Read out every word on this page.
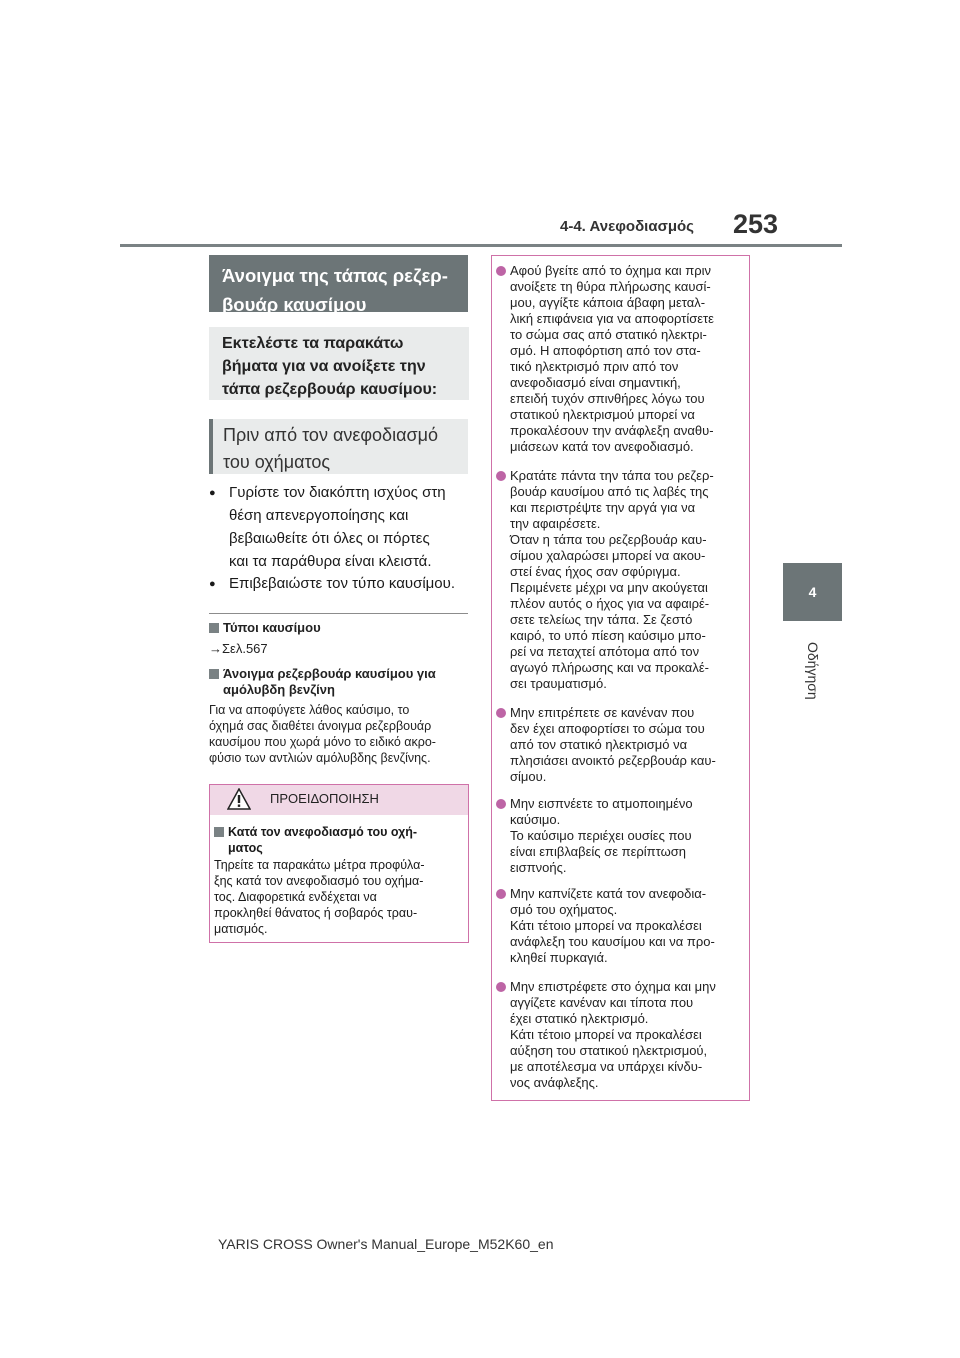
4-4. Ανεφοδιασμός 253
4
Οδήγηση
Άνοιγμα της τάπας ρεζερ-
βουάρ καυσίμου
Εκτελέστε τα παρακάτω
βήματα για να ανοίξετε την
τάπα ρεζερβουάρ καυσίμου:
Πριν από τον ανεφοδιασμό
του οχήματος
● Γυρίστε τον διακόπτη ισχύος στη
θέση απενεργοποίησης και
βεβαιωθείτε ότι όλες οι πόρτες
και τα παράθυρα είναι κλειστά.
● Επιβεβαιώστε τον τύπο καυσίμου.
Τύποι καυσίμου
→Σελ.567
Άνοιγμα ρεζερβουάρ καυσίμου για
αμόλυβδη βενζίνη
Για να αποφύγετε λάθος καύσιμο, το
όχημά σας διαθέτει άνοιγμα ρεζερβουάρ
καυσίμου που χωρά μόνο το ειδικό ακρο-
φύσιο των αντλιών αμόλυβδης βενζίνης.
ΠΡΟΕΙΔΟΠΟΙΗΣΗ
Κατά τον ανεφοδιασμό του οχή-
ματος
Τηρείτε τα παρακάτω μέτρα προφύλα-
ξης κατά τον ανεφοδιασμό του οχήμα-
τος. Διαφορετικά ενδέχεται να
προκληθεί θάνατος ή σοβαρός τραυ-
ματισμός.
Αφού βγείτε από το όχημα και πριν
ανοίξετε τη θύρα πλήρωσης καυσί-
μου, αγγίξτε κάποια άβαφη μεταλ-
λική επιφάνεια για να αποφορτίσετε
το σώμα σας από στατικό ηλεκτρι-
σμό. Η αποφόρτιση από τον στα-
τικό ηλεκτρισμό πριν από τον
ανεφοδιασμό είναι σημαντική,
επειδή τυχόν σπινθήρες λόγω του
στατικού ηλεκτρισμού μπορεί να
προκαλέσουν την ανάφλεξη αναθυ-
μιάσεων κατά τον ανεφοδιασμό.
Κρατάτε πάντα την τάπα του ρεζερ-
βουάρ καυσίμου από τις λαβές της
και περιστρέψτε την αργά για να
την αφαιρέσετε.
Όταν η τάπα του ρεζερβουάρ καυ-
σίμου χαλαρώσει μπορεί να ακου-
στεί ένας ήχος σαν σφύριγμα.
Περιμένετε μέχρι να μην ακούγεται
πλέον αυτός ο ήχος για να αφαιρέ-
σετε τελείως την τάπα. Σε ζεστό
καιρό, το υπό πίεση καύσιμο μπο-
ρεί να πεταχτεί απότομα από τον
αγωγό πλήρωσης και να προκαλέ-
σει τραυματισμό.
Μην επιτρέπετε σε κανέναν που
δεν έχει αποφορτίσει το σώμα του
από τον στατικό ηλεκτρισμό να
πλησιάσει ανοικτό ρεζερβουάρ καυ-
σίμου.
Μην εισπνέετε το ατμοποιημένο
καύσιμο.
Το καύσιμο περιέχει ουσίες που
είναι επιβλαβείς σε περίπτωση
εισπνοής.
Μην καπνίζετε κατά τον ανεφοδια-
σμό του οχήματος.
Κάτι τέτοιο μπορεί να προκαλέσει
ανάφλεξη του καυσίμου και να προ-
κληθεί πυρκαγιά.
Μην επιστρέφετε στο όχημα και μην
αγγίζετε κανέναν και τίποτα που
έχει στατικό ηλεκτρισμό.
Κάτι τέτοιο μπορεί να προκαλέσει
αύξηση του στατικού ηλεκτρισμού,
με αποτέλεσμα να υπάρχει κίνδυ-
νος ανάφλεξης.
YARIS CROSS Owner's Manual_Europe_M52K60_en
